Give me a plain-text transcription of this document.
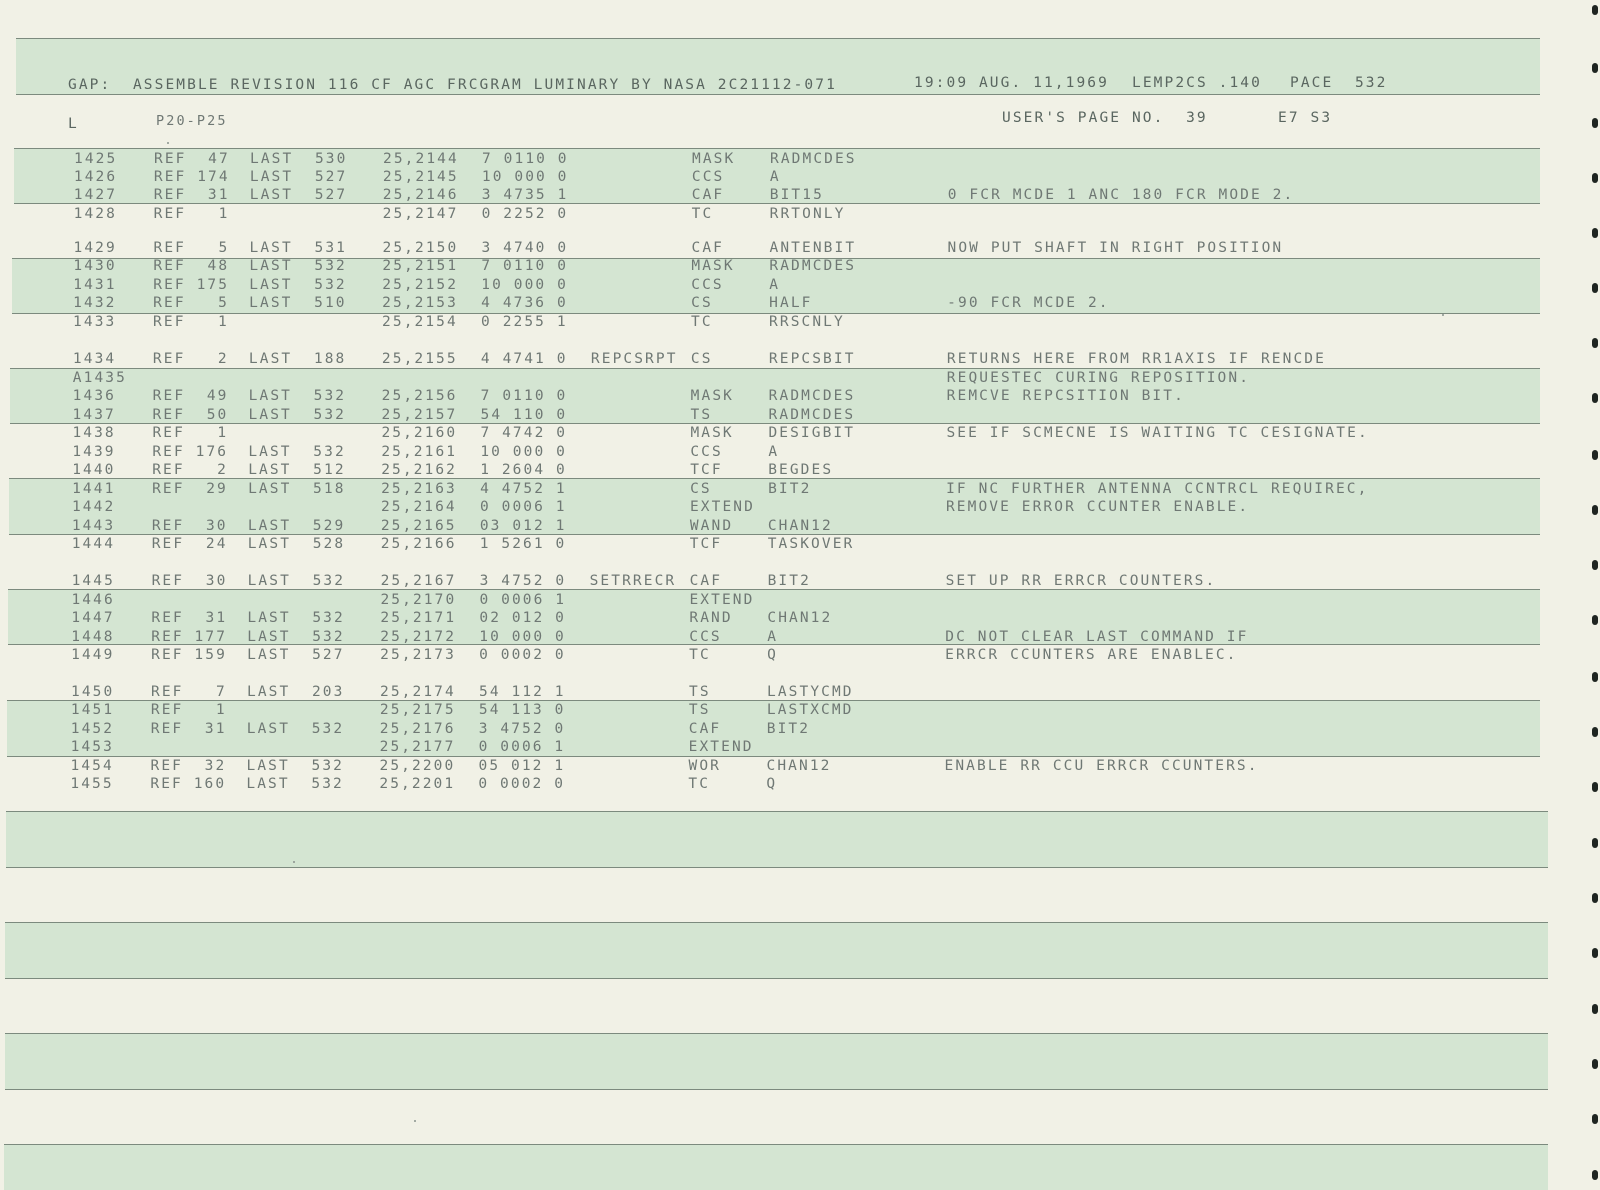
GAP:  ASSEMBLE REVISION 116 CF AGC FRCGRAM LUMINARY BY NASA 2C21112-071	19:09 AUG. 11,1969 LEMP2CS .140 PACE  532
L	P20-P25	USER'S PAGE NO.  39	E7 S3
1425	REF  47 LAST  530 25,2144 7 0110 0	MASK RADMCDES
1426	REF 174 LAST  527 25,2145 10 000 0	CCS	A
1427	REF  31 LAST  527 25,2146 3 4735 1	CAF	BIT15	0 FCR MCDE 1 ANC 180 FCR MODE 2.
1428	REF   1	25,2147 0 2252 0	TC	RRTONLY
1429	REF   5 LAST  531 25,2150 3 4740 0	CAF	ANTENBIT	NOW PUT SHAFT IN RIGHT POSITION
1430	REF  48 LAST  532 25,2151 7 0110 0	MASK RADMCDES
1431	REF 175 LAST  532 25,2152 10 000 0	CCS	A
1432	REF   5 LAST  510 25,2153 4 4736 0	CS	HALF	-90 FCR MCDE 2.
1433	REF   1	25,2154 0 2255 1	TC	RRSCNLY
1434	REF   2 LAST  188 25,2155 4 4741 0 REPCSRPT CS	REPCSBIT	RETURNS HERE FROM RR1AXIS IF RENCDE
A1435	REQUESTEC CURING REPOSITION.
1436	REF  49 LAST  532 25,2156 7 0110 0	MASK RADMCDES	REMCVE REPCSITION BIT.
1437	REF  50 LAST  532 25,2157 54 110 0	TS	RADMCDES
1438	REF   1	25,2160 7 4742 0	MASK DESIGBIT	SEE IF SCMECNE IS WAITING TC CESIGNATE.
1439	REF 176 LAST  532 25,2161 10 000 0	CCS	A
1440	REF   2 LAST  512 25,2162 1 2604 0	TCF	BEGDES
1441	REF  29 LAST  518 25,2163 4 4752 1	CS	BIT2	IF NC FURTHER ANTENNA CCNTRCL REQUIREC,
1442	25,2164 0 0006 1	EXTEND	REMOVE ERROR CCUNTER ENABLE.
1443	REF  30 LAST  529 25,2165 03 012 1	WAND CHAN12
1444	REF  24 LAST  528 25,2166 1 5261 0	TCF	TASKOVER
1445	REF  30 LAST  532 25,2167 3 4752 0 SETRRECR CAF	BIT2	SET UP RR ERRCR COUNTERS.
1446	25,2170 0 0006 1	EXTEND
1447	REF  31 LAST  532 25,2171 02 012 0	RAND CHAN12
1448	REF 177 LAST  532 25,2172 10 000 0	CCS	A	DC NOT CLEAR LAST COMMAND IF
1449	REF 159 LAST  527 25,2173 0 0002 0	TC	Q	ERRCR CCUNTERS ARE ENABLEC.
1450	REF   7 LAST  203 25,2174 54 112 1	TS	LASTYCMD
1451	REF   1	25,2175 54 113 0	TS	LASTXCMD
1452	REF  31 LAST  532 25,2176 3 4752 0	CAF	BIT2
1453	25,2177 0 0006 1	EXTEND
1454	REF  32 LAST  532 25,2200 05 012 1	WOR	CHAN12	ENABLE RR CCU ERRCR CCUNTERS.
1455	REF 160 LAST  532 25,2201 0 0002 0	TC	Q
